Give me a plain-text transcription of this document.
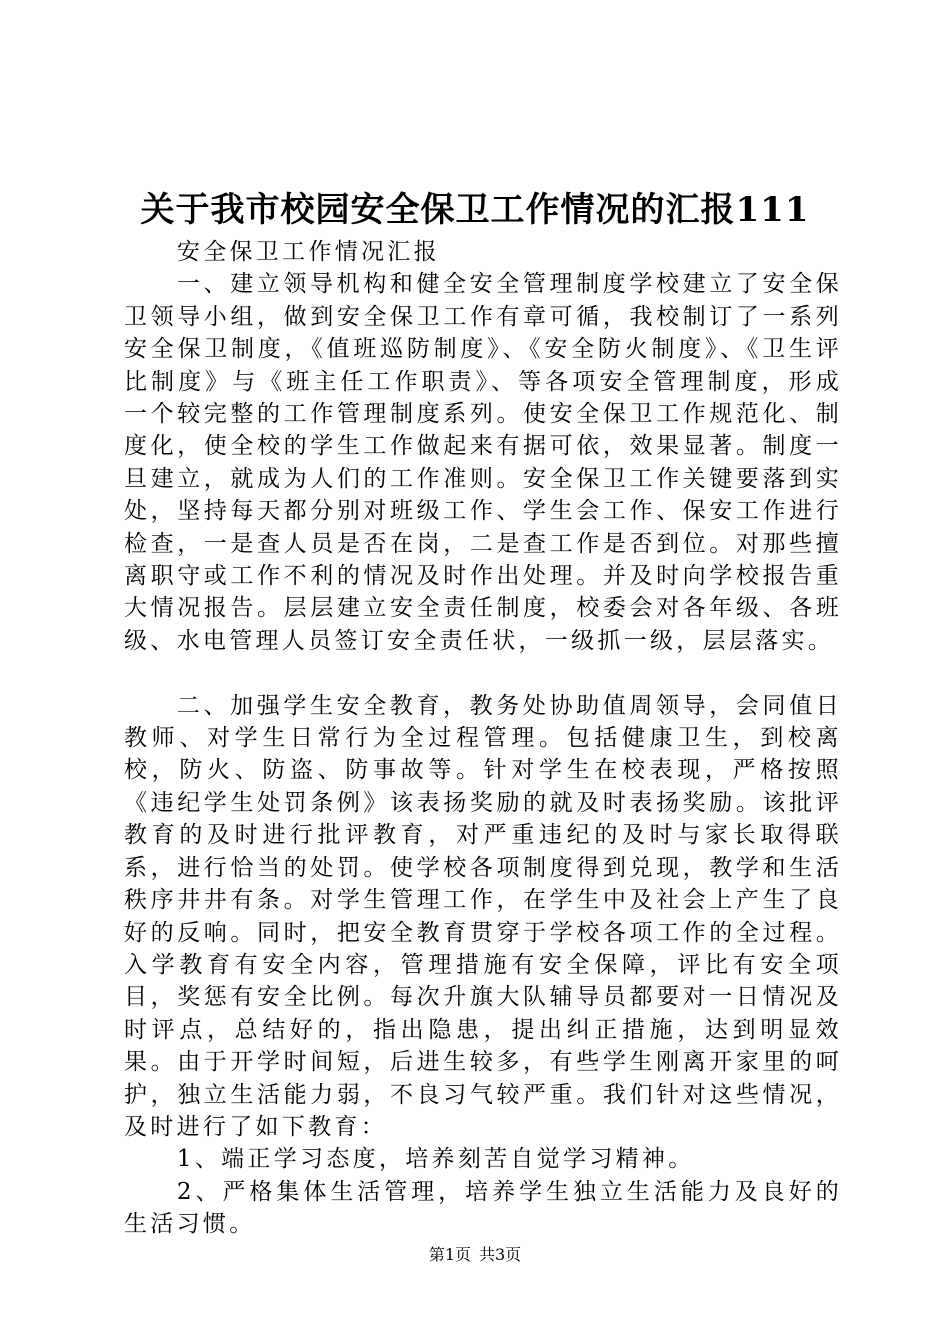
关于我市校园安全保卫工作情况的汇报111

安全保卫工作情况汇报

一、建立领导机构和健全安全管理制度学校建立了安全保卫领导小组，做到安全保卫工作有章可循，我校制订了一系列安全保卫制度，《值班巡防制度》、《安全防火制度》、《卫生评比制度》与《班主任工作职责》、等各项安全管理制度，形成一个较完整的工作管理制度系列。使安全保卫工作规范化、制度化，使全校的学生工作做起来有据可依，效果显著。制度一旦建立，就成为人们的工作准则。安全保卫工作关键要落到实处，坚持每天都分别对班级工作、学生会工作、保安工作进行检查，一是查人员是否在岗，二是查工作是否到位。对那些擅离职守或工作不利的情况及时作出处理。并及时向学校报告重大情况报告。层层建立安全责任制度，校委会对各年级、各班级、水电管理人员签订安全责任状，一级抓一级，层层落实。

二、加强学生安全教育，教务处协助值周领导，会同值日教师、对学生日常行为全过程管理。包括健康卫生，到校离校，防火、防盗、防事故等。针对学生在校表现，严格按照《违纪学生处罚条例》该表扬奖励的就及时表扬奖励。该批评教育的及时进行批评教育，对严重违纪的及时与家长取得联系，进行恰当的处罚。使学校各项制度得到兑现，教学和生活秩序井井有条。对学生管理工作，在学生中及社会上产生了良好的反响。同时，把安全教育贯穿于学校各项工作的全过程。入学教育有安全内容，管理措施有安全保障，评比有安全项目，奖惩有安全比例。每次升旗大队辅导员都要对一日情况及时评点，总结好的，指出隐患，提出纠正措施，达到明显效果。由于开学时间短，后进生较多，有些学生刚离开家里的呵护，独立生活能力弱，不良习气较严重。我们针对这些情况，及时进行了如下教育：

1、端正学习态度，培养刻苦自觉学习精神。

2、严格集体生活管理，培养学生独立生活能力及良好的生活习惯。

第1页 共3页
